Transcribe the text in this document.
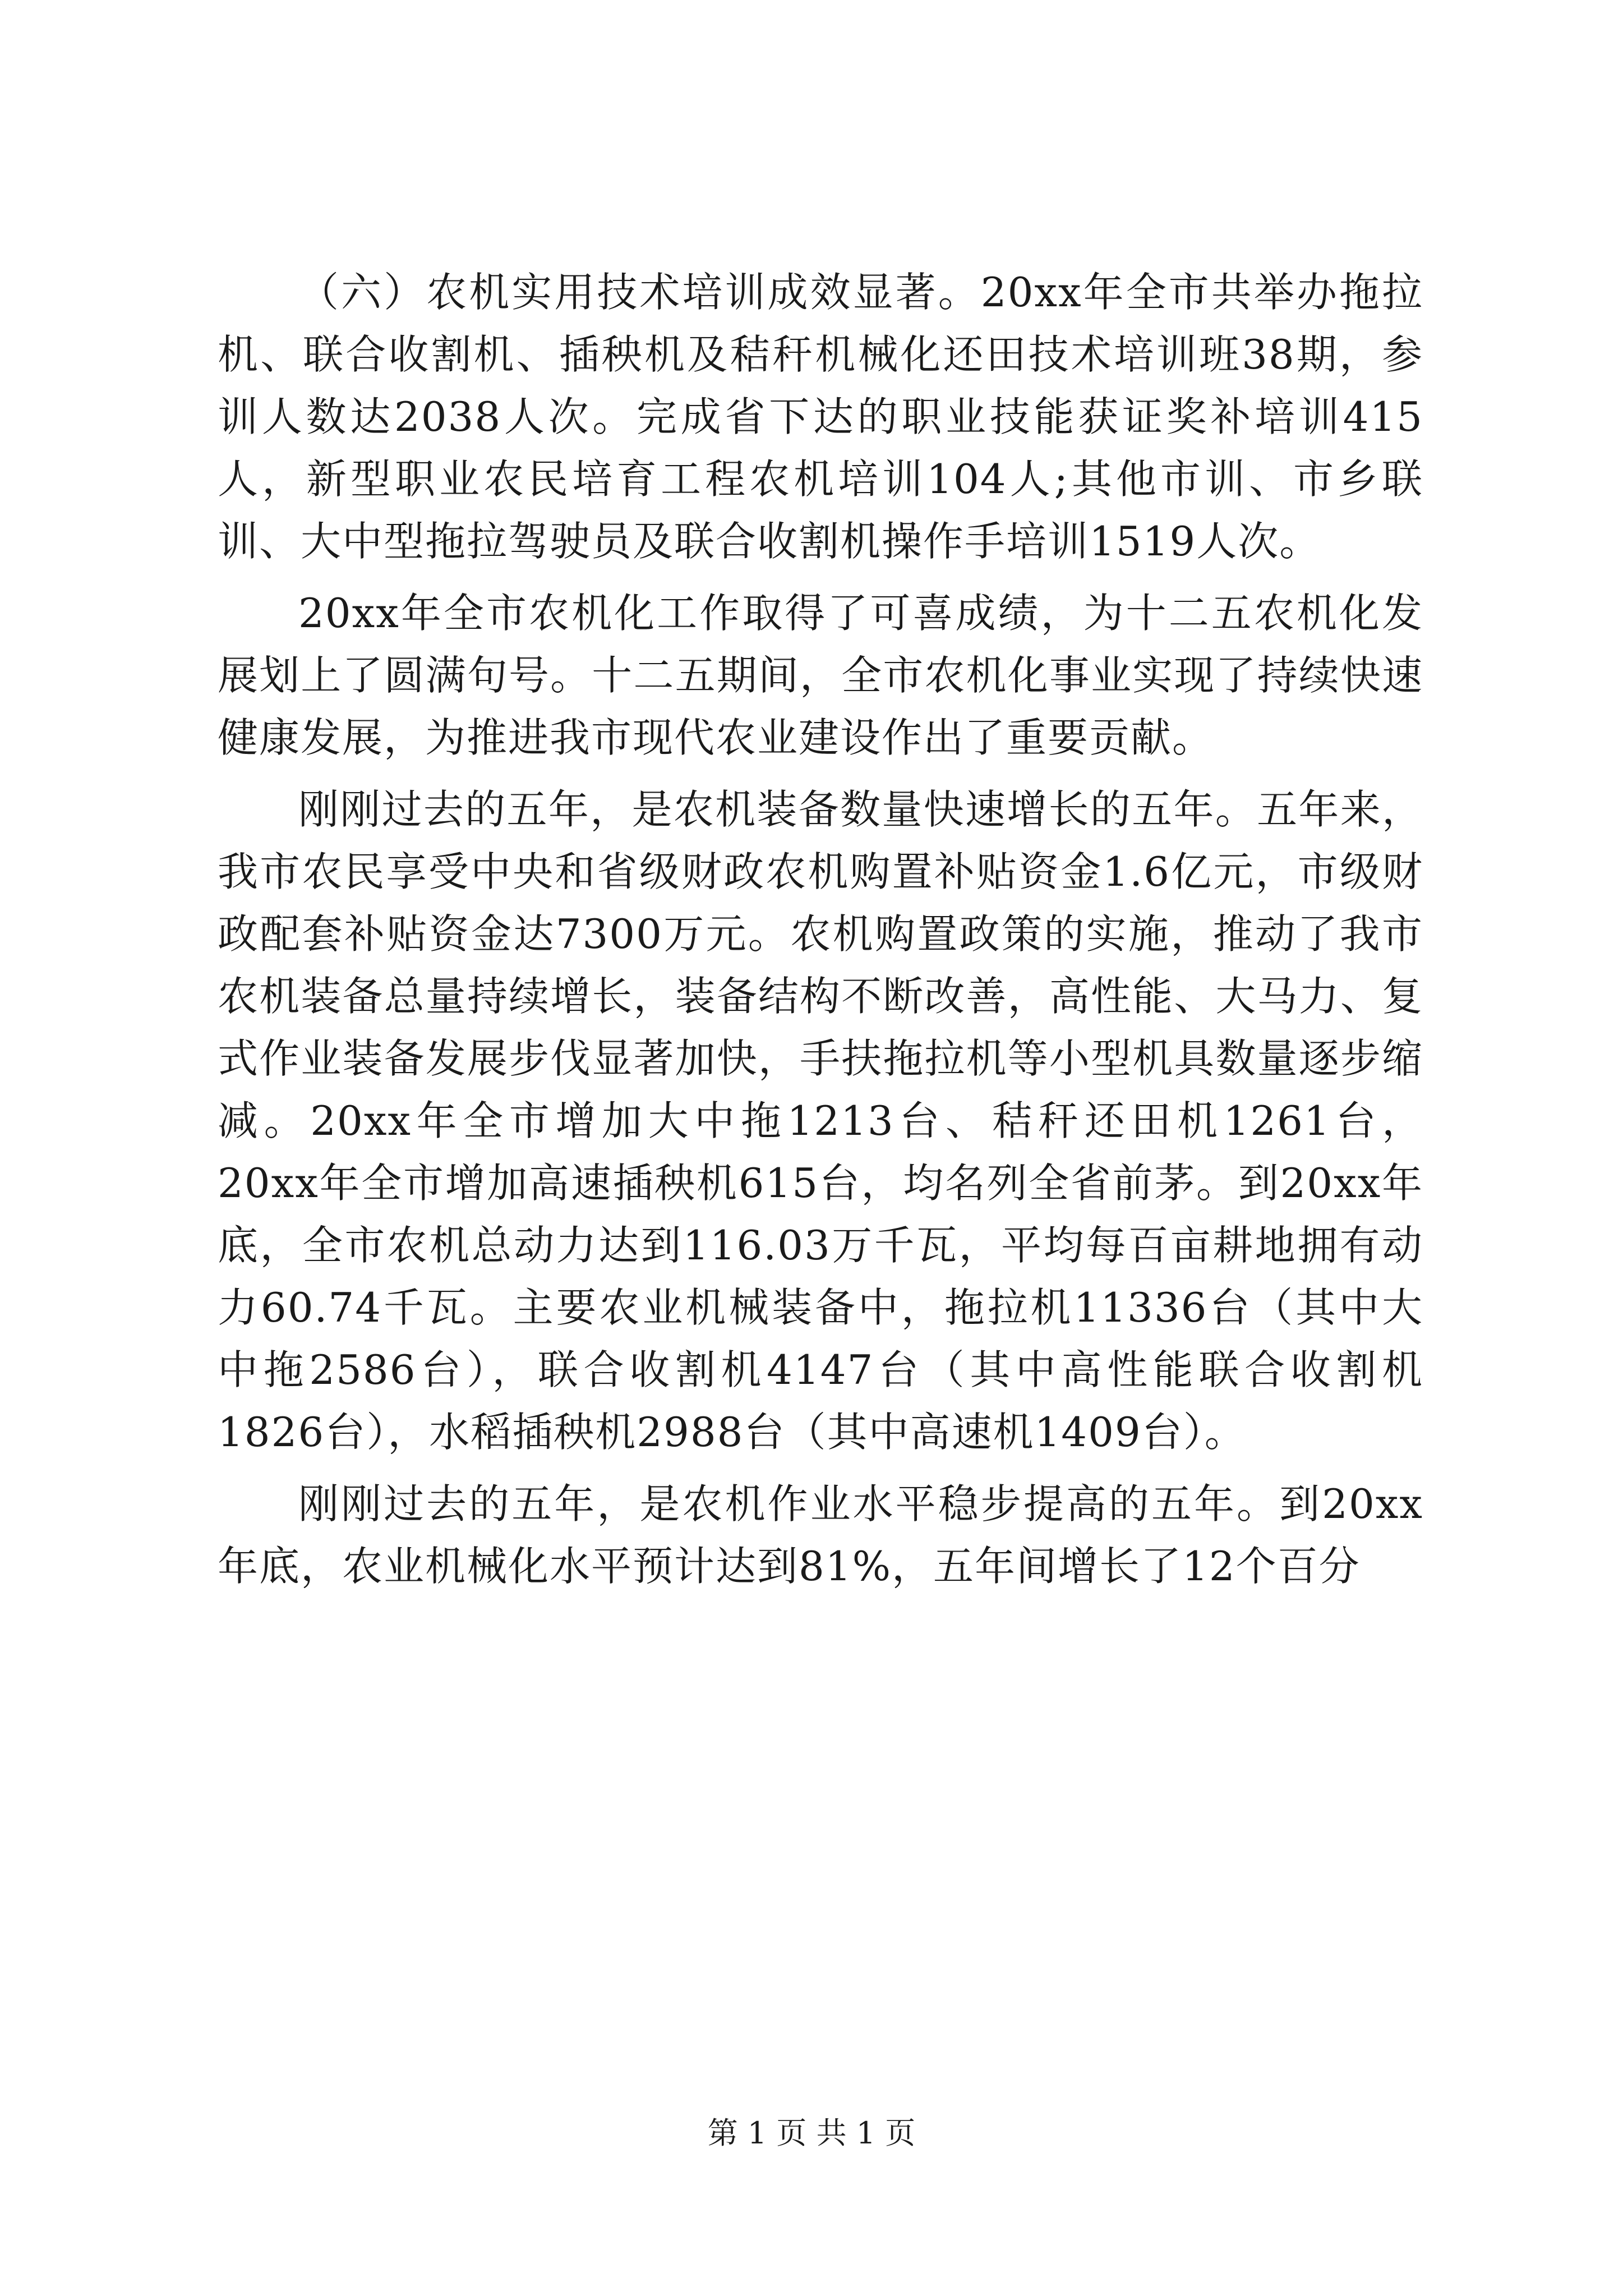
（六）农机实用技术培训成效显著。20xx年全市共举办拖拉机、联合收割机、插秧机及秸秆机械化还田技术培训班38期，参训人数达2038人次。完成省下达的职业技能获证奖补培训415人，新型职业农民培育工程农机培训104人;其他市训、市乡联训、大中型拖拉驾驶员及联合收割机操作手培训1519人次。

20xx年全市农机化工作取得了可喜成绩，为十二五农机化发展划上了圆满句号。十二五期间，全市农机化事业实现了持续快速健康发展，为推进我市现代农业建设作出了重要贡献。

刚刚过去的五年，是农机装备数量快速增长的五年。五年来，我市农民享受中央和省级财政农机购置补贴资金1.6亿元，市级财政配套补贴资金达7300万元。农机购置政策的实施，推动了我市农机装备总量持续增长，装备结构不断改善，高性能、大马力、复式作业装备发展步伐显著加快，手扶拖拉机等小型机具数量逐步缩减。20xx年全市增加大中拖1213台、秸秆还田机1261台，20xx年全市增加高速插秧机615台，均名列全省前茅。到20xx年底，全市农机总动力达到116.03万千瓦，平均每百亩耕地拥有动力60.74千瓦。主要农业机械装备中，拖拉机11336台（其中大中拖2586台），联合收割机4147台（其中高性能联合收割机1826台），水稻插秧机2988台（其中高速机1409台）。

刚刚过去的五年，是农机作业水平稳步提高的五年。到20xx年底，农业机械化水平预计达到81%，五年间增长了12个百分

第 1 页 共 1 页
